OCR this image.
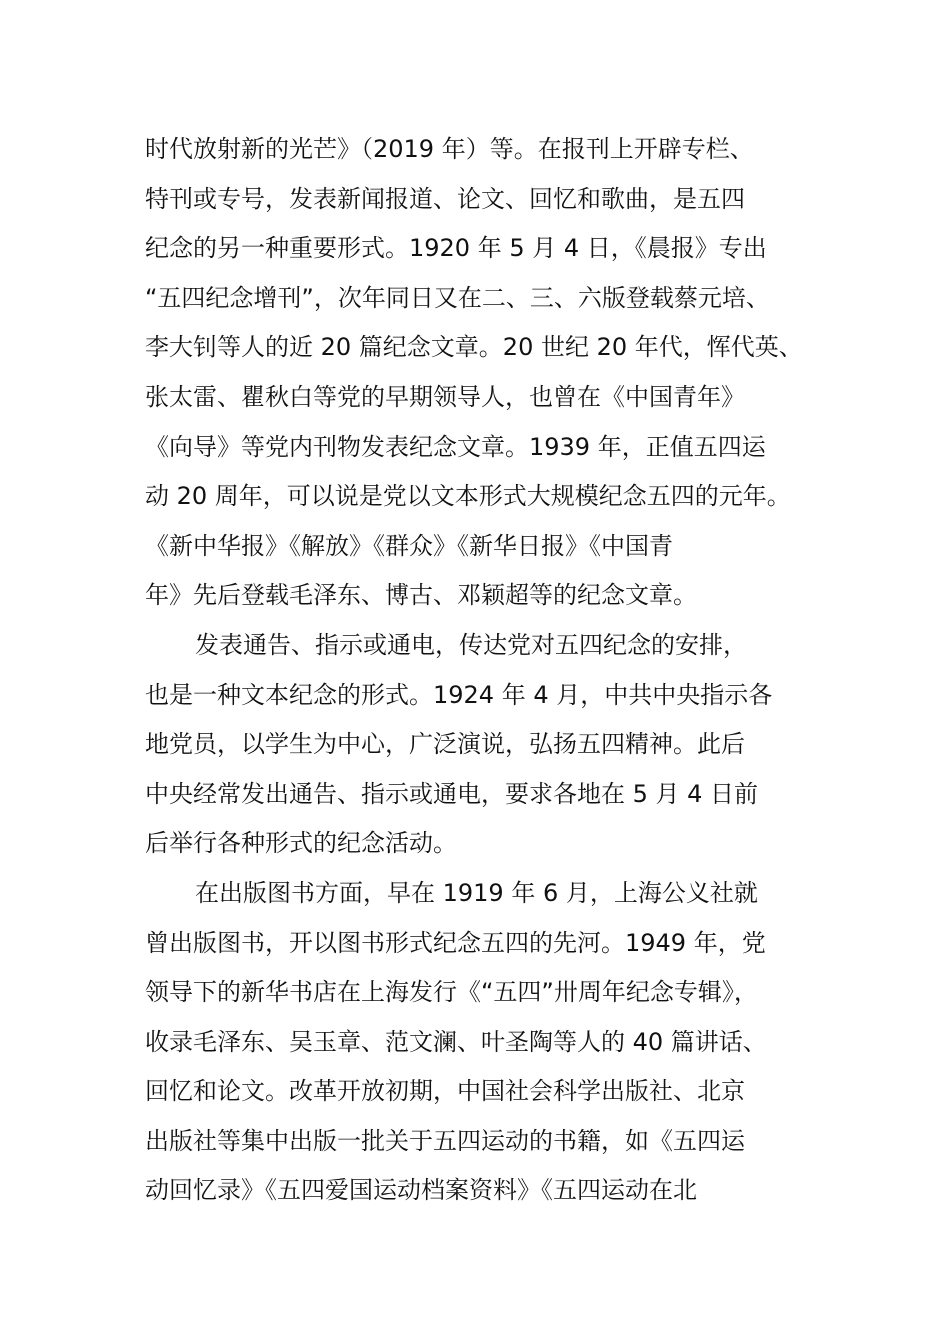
时代放射新的光芒》（2019 年）等。在报刊上开辟专栏、
特刊或专号，发表新闻报道、论文、回忆和歌曲，是五四
纪念的另一种重要形式。1920 年 5 月 4 日，《晨报》专出
“五四纪念增刊”，次年同日又在二、三、六版登载蔡元培、
李大钊等人的近 20 篇纪念文章。20 世纪 20 年代，恽代英、
张太雷、瞿秋白等党的早期领导人，也曾在《中国青年》
《向导》等党内刊物发表纪念文章。1939 年，正值五四运
动 20 周年，可以说是党以文本形式大规模纪念五四的元年。
《新中华报》《解放》《群众》《新华日报》《中国青
年》先后登载毛泽东、博古、邓颖超等的纪念文章。
发表通告、指示或通电，传达党对五四纪念的安排，
也是一种文本纪念的形式。1924 年 4 月，中共中央指示各
地党员，以学生为中心，广泛演说，弘扬五四精神。此后
中央经常发出通告、指示或通电，要求各地在 5 月 4 日前
后举行各种形式的纪念活动。
在出版图书方面，早在 1919 年 6 月，上海公义社就
曾出版图书，开以图书形式纪念五四的先河。1949 年，党
领导下的新华书店在上海发行《“五四”卅周年纪念专辑》，
收录毛泽东、吴玉章、范文澜、叶圣陶等人的 40 篇讲话、
回忆和论文。改革开放初期，中国社会科学出版社、北京
出版社等集中出版一批关于五四运动的书籍，如《五四运
动回忆录》《五四爱国运动档案资料》《五四运动在北
